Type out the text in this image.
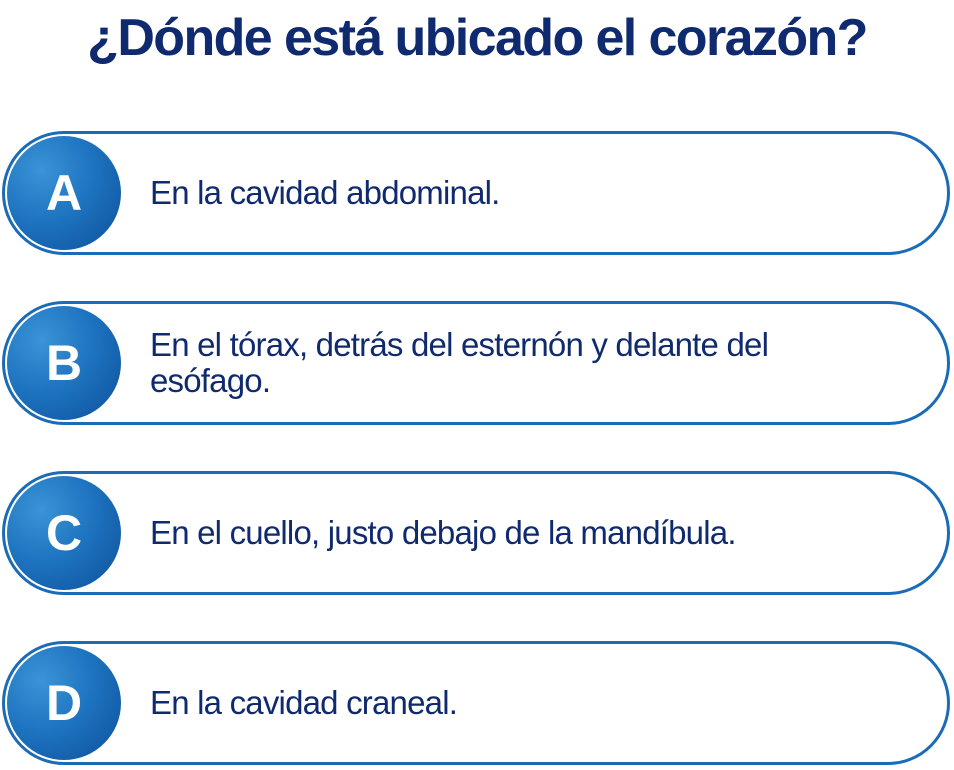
¿Dónde está ubicado el corazón?
A En la cavidad abdominal.
B En el tórax, detrás del esternón y delante del esófago.
C En el cuello, justo debajo de la mandíbula.
D En la cavidad craneal.
